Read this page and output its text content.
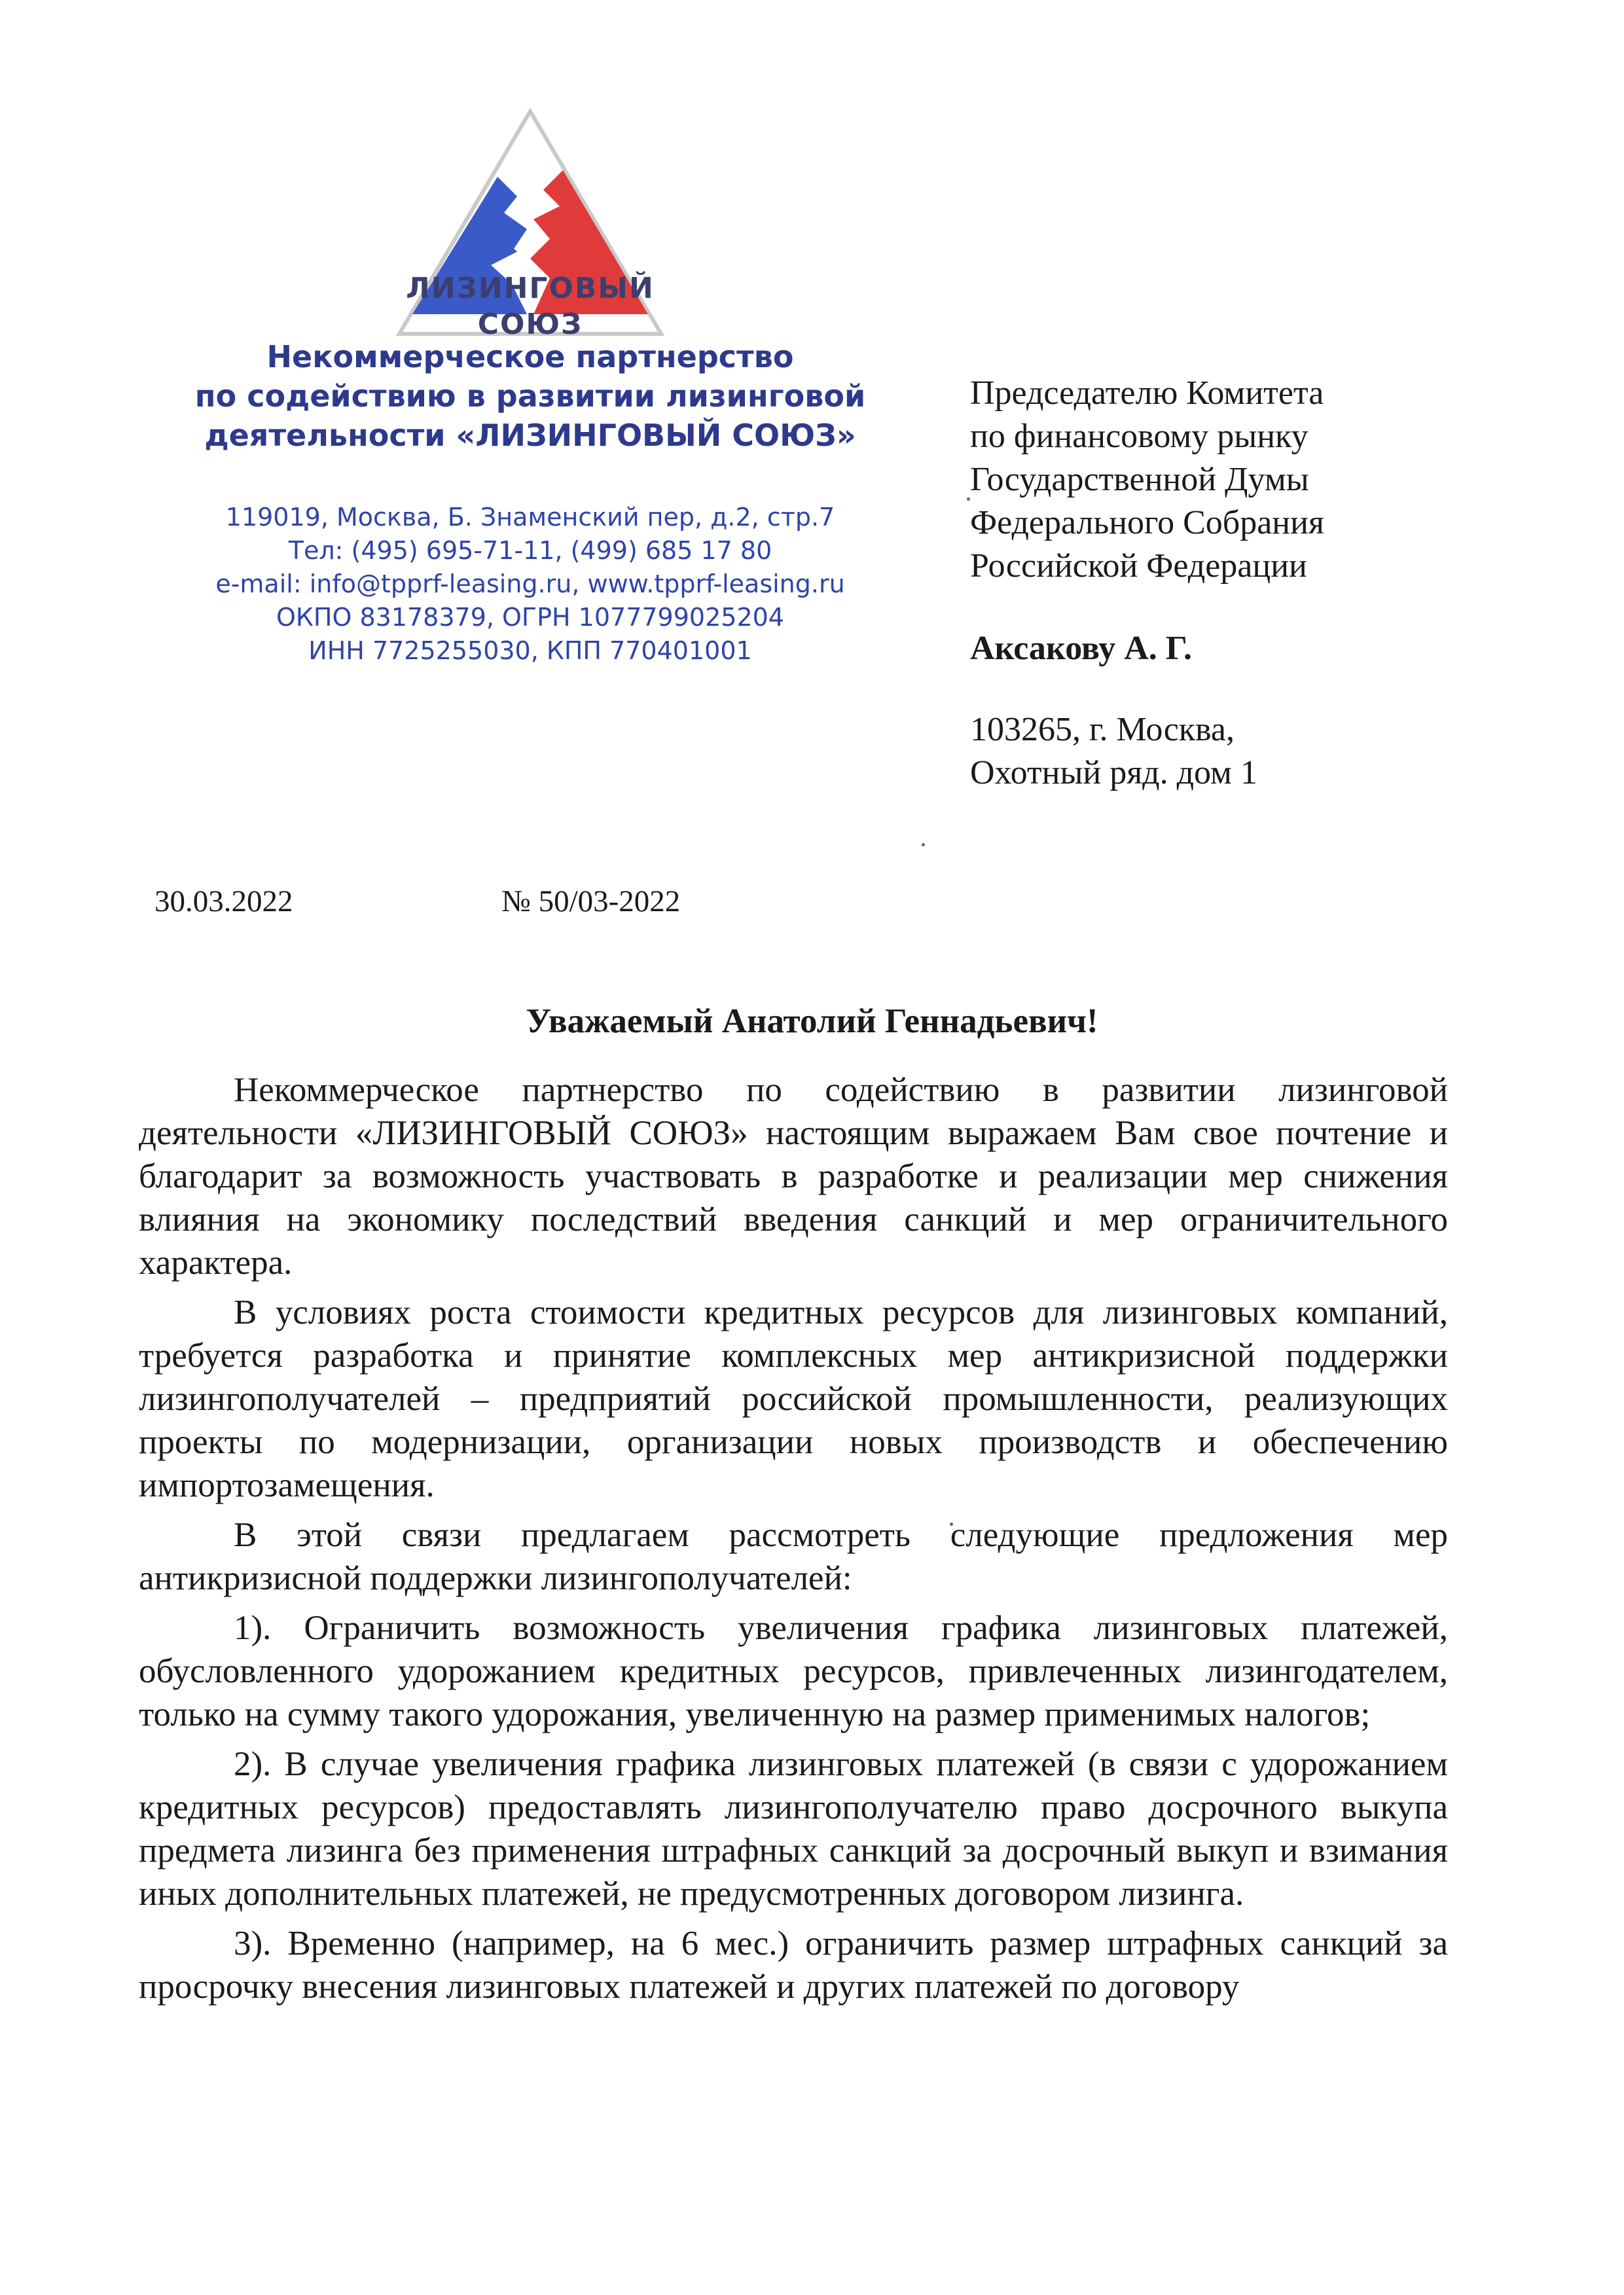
ЛИЗИНГОВЫЙ
СОЮЗ
Некоммерческое партнерство
по содействию в развитии лизинговой
деятельности «ЛИЗИНГОВЫЙ СОЮЗ»
119019, Москва, Б. Знаменский пер, д.2, стр.7
Тел: (495) 695-71-11, (499) 685 17 80
e-mail: info@tpprf-leasing.ru, www.tpprf-leasing.ru
ОКПО 83178379, ОГРН 1077799025204
ИНН 7725255030, КПП 770401001
Председателю Комитета
по финансовому рынку
Государственной Думы
Федерального Собрания
Российской Федерации
Аксакову А. Г.
103265, г. Москва,
Охотный ряд. дом 1
30.03.2022	№ 50/03-2022
Уважаемый Анатолий Геннадьевич!

Некоммерческое партнерство по содействию в развитии лизинговой деятельности «ЛИЗИНГОВЫЙ СОЮЗ» настоящим выражаем Вам свое почтение и благодарит за возможность участвовать в разработке и реализации мер снижения влияния на экономику последствий введения санкций и мер ограничительного характера.

В условиях роста стоимости кредитных ресурсов для лизинговых компаний, требуется разработка и принятие комплексных мер антикризисной поддержки лизингополучателей – предприятий российской промышленности, реализующих проекты по модернизации, организации новых производств и обеспечению импортозамещения.

В этой связи предлагаем рассмотреть следующие предложения мер антикризисной поддержки лизингополучателей:

1). Ограничить возможность увеличения графика лизинговых платежей, обусловленного удорожанием кредитных ресурсов, привлеченных лизингодателем, только на сумму такого удорожания, увеличенную на размер применимых налогов;

2). В случае увеличения графика лизинговых платежей (в связи с удорожанием кредитных ресурсов) предоставлять лизингополучателю право досрочного выкупа предмета лизинга без применения штрафных санкций за досрочный выкуп и взимания иных дополнительных платежей, не предусмотренных договором лизинга.

3). Временно (например, на 6 мес.) ограничить размер штрафных санкций за просрочку внесения лизинговых платежей и других платежей по договору
